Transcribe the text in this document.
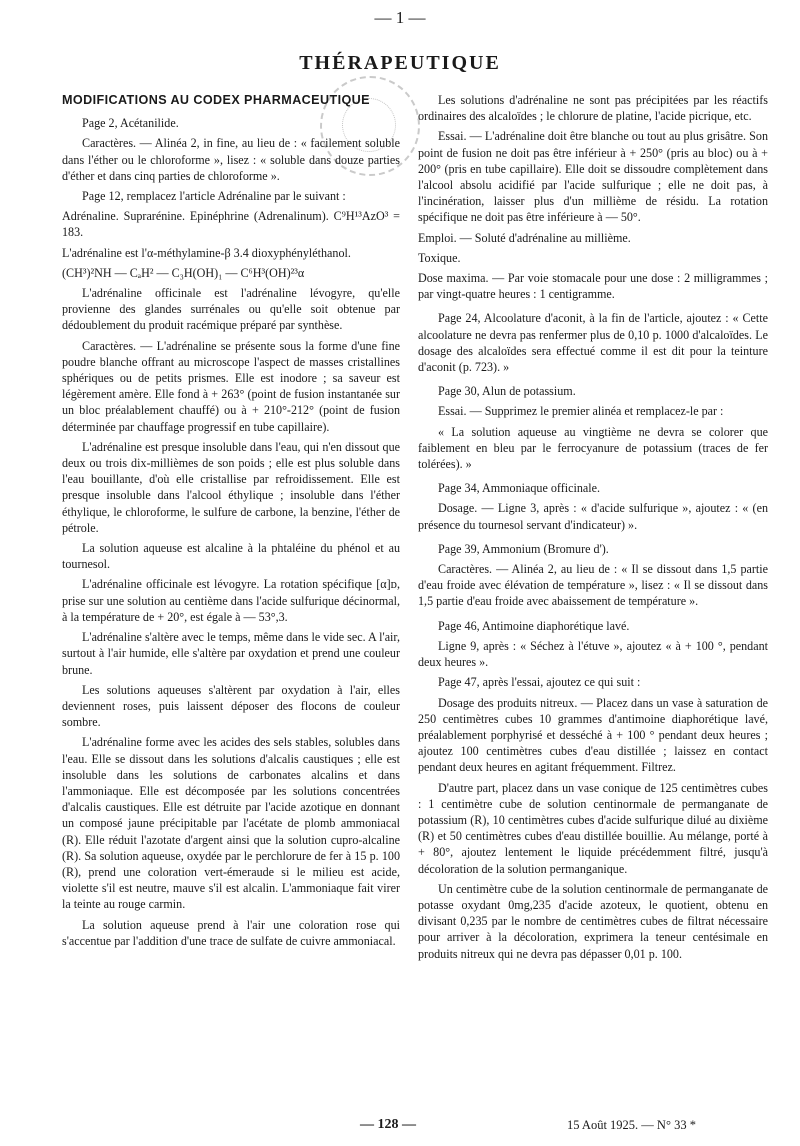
— 1 —
THÉRAPEUTIQUE
MODIFICATIONS AU CODEX PHARMACEUTIQUE

Page 2, Acétanilide.

Caractères. — Alinéa 2, in fine, au lieu de : « facilement soluble dans l'éther ou le chloroforme », lisez : « soluble dans douze parties d'éther et dans cinq parties de chloroforme ».

Page 12, remplacez l'article Adrénaline par le suivant :

Adrénaline. Suprarénine. Epinéphrine (Adrenalinum). C⁹H¹³AzO³ = 183.

L'adrénaline est l'α-méthylamine-β 3.4 dioxyphényléthanol.

(CH³)²NH — CₐH² — C₃H(OH)₁ — C⁶H³(OH)²³α

L'adrénaline officinale est l'adrénaline lévogyre, qu'elle provienne des glandes surrénales ou qu'elle soit obtenue par dédoublement du produit racémique préparé par synthèse.

Caractères. — L'adrénaline se présente sous la forme d'une fine poudre blanche offrant au microscope l'aspect de masses cristallines sphériques ou de petits prismes. Elle est inodore ; sa saveur est légèrement amère. Elle fond à + 263° (point de fusion instantanée sur un bloc préalablement chauffé) ou à + 210°-212° (point de fusion déterminée par chauffage progressif en tube capillaire).

L'adrénaline est presque insoluble dans l'eau, qui n'en dissout que deux ou trois dix-millièmes de son poids ; elle est plus soluble dans l'eau bouillante, d'où elle cristallise par refroidissement. Elle est presque insoluble dans l'alcool éthylique ; insoluble dans l'éther éthylique, le chloroforme, le sulfure de carbone, la benzine, l'éther de pétrole.

La solution aqueuse est alcaline à la phtaléine du phénol et au tournesol.

L'adrénaline officinale est lévogyre. La rotation spécifique [α]ᴅ, prise sur une solution au centième dans l'acide sulfurique décinormal, à la température de + 20°, est égale à — 53°,3.

L'adrénaline s'altère avec le temps, même dans le vide sec. A l'air, surtout à l'air humide, elle s'altère par oxydation et prend une couleur brune.

Les solutions aqueuses s'altèrent par oxydation à l'air, elles deviennent roses, puis laissent déposer des flocons de couleur sombre.

L'adrénaline forme avec les acides des sels stables, solubles dans l'eau. Elle se dissout dans les solutions d'alcalis caustiques ; elle est insoluble dans les solutions de carbonates alcalins et dans l'ammoniaque. Elle est décomposée par les solutions concentrées d'alcalis caustiques. Elle est détruite par l'acide azotique en donnant un composé jaune précipitable par l'acétate de plomb ammoniacal (R). Elle réduit l'azotate d'argent ainsi que la solution cupro-alcaline (R). Sa solution aqueuse, oxydée par le perchlorure de fer à 15 p. 100 (R), prend une coloration vert-émeraude si le milieu est acide, violette s'il est neutre, mauve s'il est alcalin. L'ammoniaque fait virer la teinte au rouge carmin.

La solution aqueuse prend à l'air une coloration rose qui s'accentue par l'addition d'une trace de sulfate de cuivre ammoniacal.

Les solutions d'adrénaline ne sont pas précipitées par les réactifs ordinaires des alcaloïdes ; le chlorure de platine, l'acide picrique, etc.

Essai. — L'adrénaline doit être blanche ou tout au plus grisâtre. Son point de fusion ne doit pas être inférieur à + 250° (pris au bloc) ou à + 200° (pris en tube capillaire). Elle doit se dissoudre complètement dans l'alcool absolu acidifié par l'acide sulfurique ; elle ne doit pas, à l'incinération, laisser plus d'un millième de résidu. La rotation spécifique ne doit pas être inférieure à — 50°.

Emploi. — Soluté d'adrénaline au millième.

Toxique.

Dose maxima. — Par voie stomacale pour une dose : 2 milligrammes ; par vingt-quatre heures : 1 centigramme.

Page 24, Alcoolature d'aconit, à la fin de l'article, ajoutez : « Cette alcoolature ne devra pas renfermer plus de 0,10 p. 1000 d'alcaloïdes. Le dosage des alcaloïdes sera effectué comme il est dit pour la teinture d'aconit (p. 723). »

Page 30, Alun de potassium.

Essai. — Supprimez le premier alinéa et remplacez-le par :

« La solution aqueuse au vingtième ne devra se colorer que faiblement en bleu par le ferrocyanure de potassium (traces de fer tolérées). »

Page 34, Ammoniaque officinale.

Dosage. — Ligne 3, après : « d'acide sulfurique », ajoutez : « (en présence du tournesol servant d'indicateur) ».

Page 39, Ammonium (Bromure d').

Caractères. — Alinéa 2, au lieu de : « Il se dissout dans 1,5 partie d'eau froide avec élévation de température », lisez : « Il se dissout dans 1,5 partie d'eau froide avec abaissement de température ».

Page 46, Antimoine diaphorétique lavé.

Ligne 9, après : « Séchez à l'étuve », ajoutez « à + 100 °, pendant deux heures ».

Page 47, après l'essai, ajoutez ce qui suit :

Dosage des produits nitreux. — Placez dans un vase à saturation de 250 centimètres cubes 10 grammes d'antimoine diaphorétique lavé, préalablement porphyrisé et desséché à + 100 ° pendant deux heures ; ajoutez 100 centimètres cubes d'eau distillée ; laissez en contact pendant deux heures en agitant fréquemment. Filtrez.

D'autre part, placez dans un vase conique de 125 centimètres cubes : 1 centimètre cube de solution centinormale de permanganate de potassium (R), 10 centimètres cubes d'acide sulfurique dilué au dixième (R) et 50 centimètres cubes d'eau distillée bouillie. Au mélange, porté à + 80°, ajoutez lentement le liquide précédemment filtré, jusqu'à décoloration de la solution permanganique.

Un centimètre cube de la solution centinormale de permanganate de potasse oxydant 0mg,235 d'acide azoteux, le quotient, obtenu en divisant 0,235 par le nombre de centimètres cubes de filtrat nécessaire pour arriver à la décoloration, exprimera la teneur centésimale en produits nitreux qui ne devra pas dépasser 0,01 p. 100.

— 128 —	15 Août 1925. — N° 33 *
